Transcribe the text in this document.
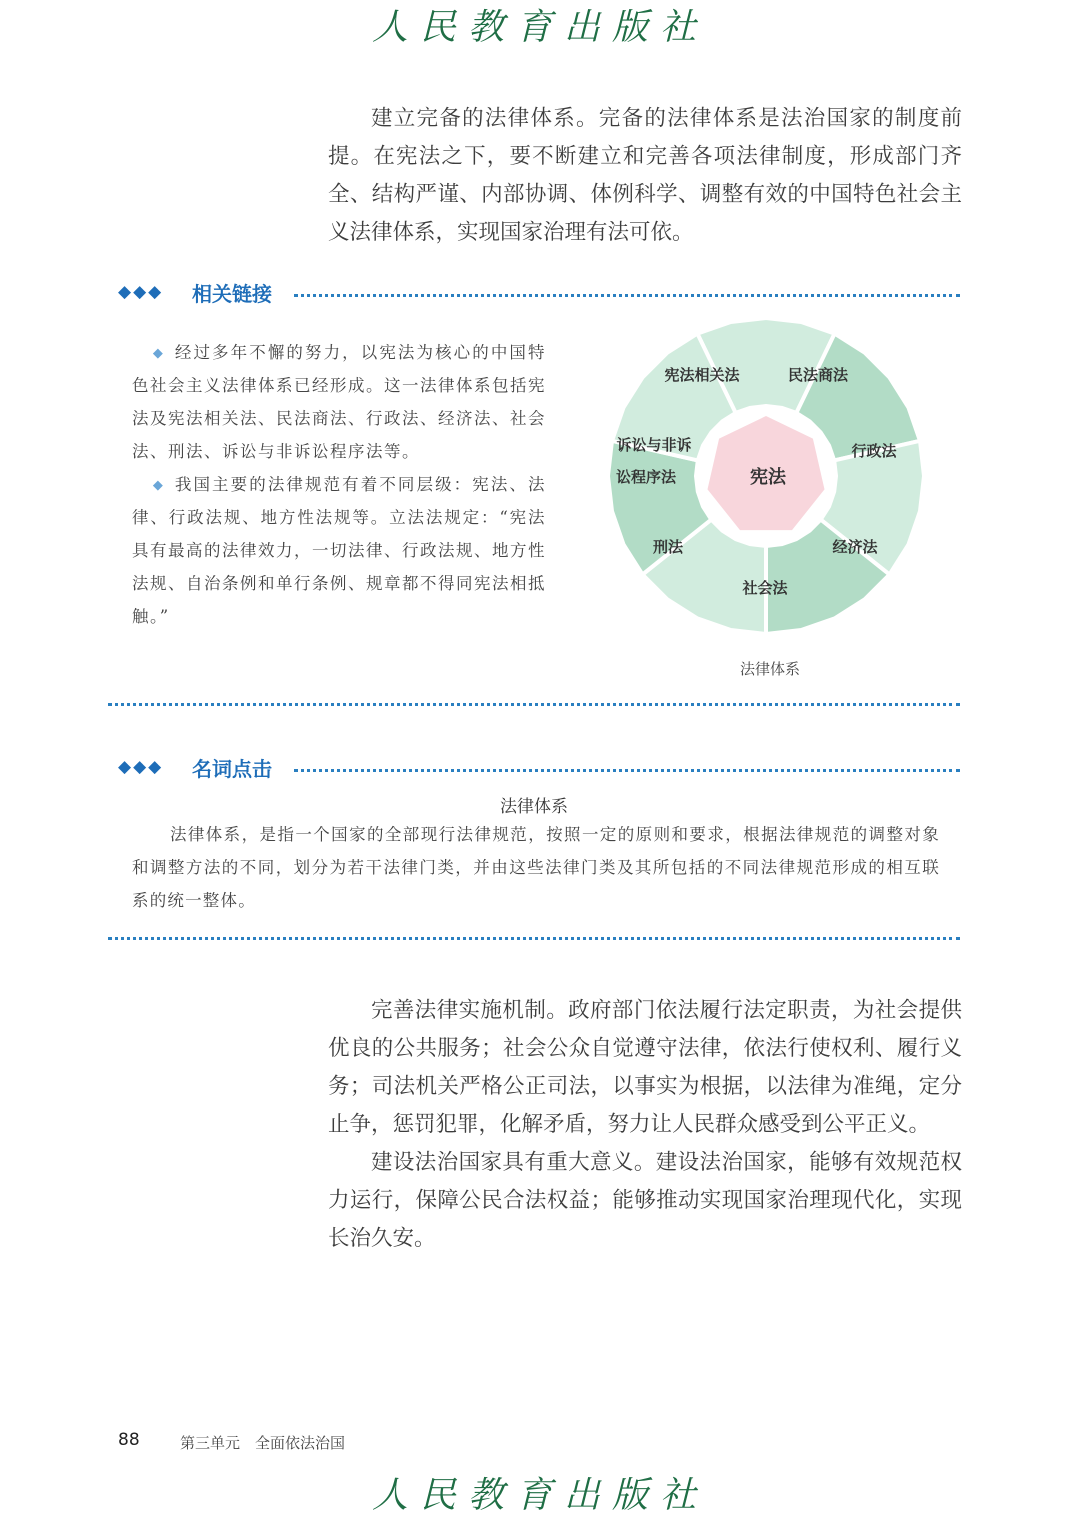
人民教育出版社

建立完备的法律体系。完备的法律体系是法治国家的制度前提。在宪法之下，要不断建立和完善各项法律制度，形成部门齐全、结构严谨、内部协调、体例科学、调整有效的中国特色社会主义法律体系，实现国家治理有法可依。

◆◆◆ 相关链接

◆ 经过多年不懈的努力，以宪法为核心的中国特色社会主义法律体系已经形成。这一法律体系包括宪法及宪法相关法、民法商法、行政法、经济法、社会法、刑法、诉讼与非诉讼程序法等。

◆ 我国主要的法律规范有着不同层级：宪法、法律、行政法规、地方性法规等。立法法规定：“宪法具有最高的法律效力，一切法律、行政法规、地方性法规、自治条例和单行条例、规章都不得同宪法相抵触。”

宪法
宪法相关法	民法商法
行政法
经济法
社会法
刑法
诉讼与非诉
讼程序法
法律体系
◆◆◆ 名词点击
法律体系

法律体系，是指一个国家的全部现行法律规范，按照一定的原则和要求，根据法律规范的调整对象和调整方法的不同，划分为若干法律门类，并由这些法律门类及其所包括的不同法律规范形成的相互联系的统一整体。

完善法律实施机制。政府部门依法履行法定职责，为社会提供优良的公共服务；社会公众自觉遵守法律，依法行使权利、履行义务；司法机关严格公正司法，以事实为根据，以法律为准绳，定分止争，惩罚犯罪，化解矛盾，努力让人民群众感受到公平正义。

建设法治国家具有重大意义。建设法治国家，能够有效规范权力运行，保障公民合法权益；能够推动实现国家治理现代化，实现长治久安。

88	第三单元　全面依法治国
人民教育出版社
